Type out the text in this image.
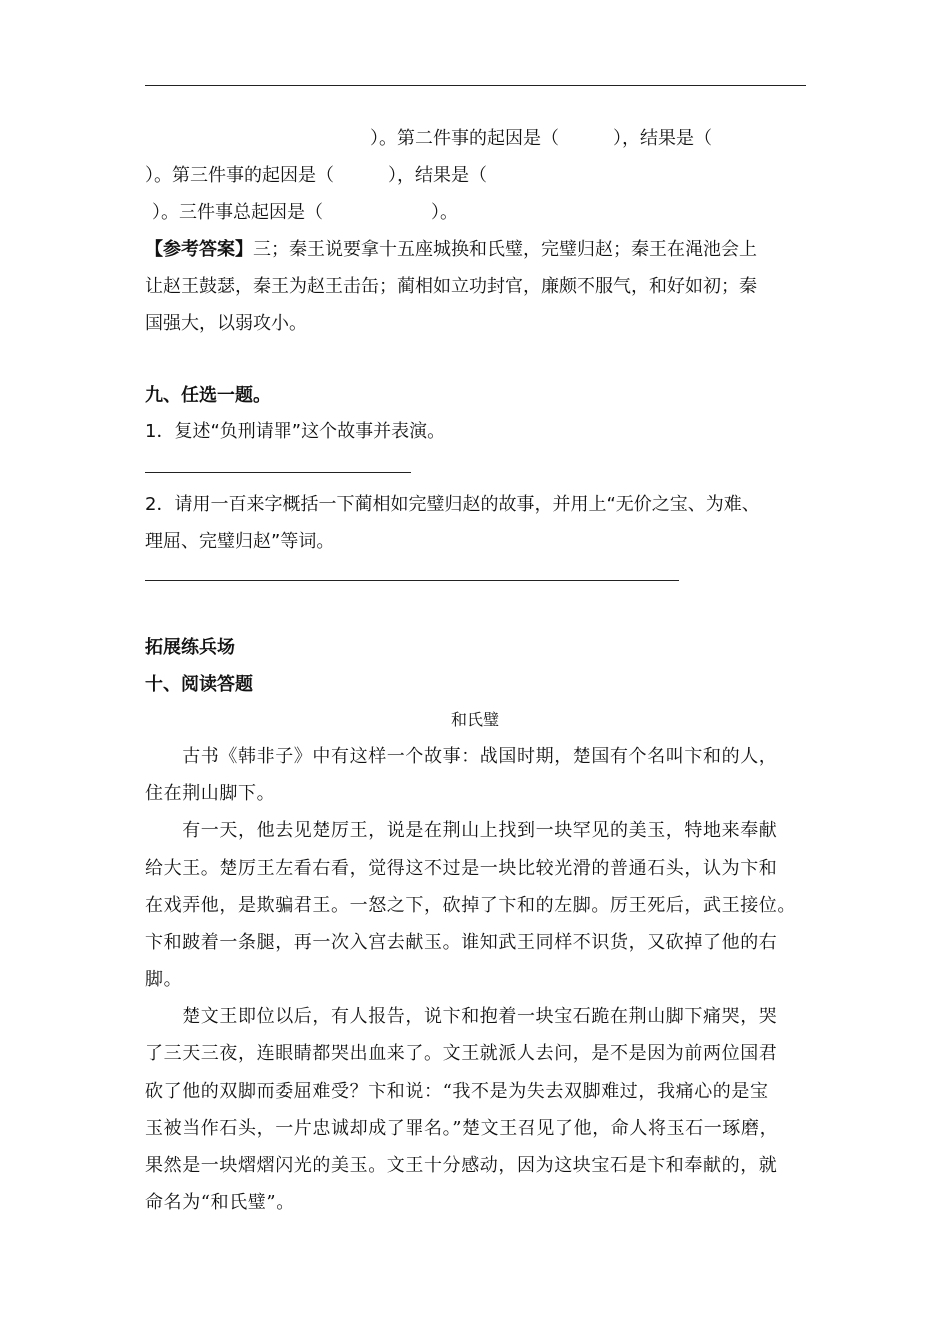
）。第二件事的起因是（　　　），结果是（
）。第三件事的起因是（　　　），结果是（
）。三件事总起因是（　　　　　　）。
【参考答案】三；秦王说要拿十五座城换和氏璧，完璧归赵；秦王在渑池会上
让赵王鼓瑟，秦王为赵王击缶；蔺相如立功封官，廉颇不服气，和好如初；秦
国强大，以弱攻小。
九、任选一题。
1．复述“负刑请罪”这个故事并表演。
2．请用一百来字概括一下蔺相如完璧归赵的故事，并用上“无价之宝、为难、
理屈、完璧归赵”等词。
拓展练兵场
十、阅读答题
和氏璧
　　古书《韩非子》中有这样一个故事：战国时期，楚国有个名叫卞和的人，
住在荆山脚下。
　　有一天，他去见楚厉王，说是在荆山上找到一块罕见的美玉，特地来奉献
给大王。楚厉王左看右看，觉得这不过是一块比较光滑的普通石头，认为卞和
在戏弄他，是欺骗君王。一怒之下，砍掉了卞和的左脚。厉王死后，武王接位。
卞和跛着一条腿，再一次入宫去献玉。谁知武王同样不识货，又砍掉了他的右
脚。
　　楚文王即位以后，有人报告，说卞和抱着一块宝石跪在荆山脚下痛哭，哭
了三天三夜，连眼睛都哭出血来了。文王就派人去问，是不是因为前两位国君
砍了他的双脚而委屈难受？卞和说：“我不是为失去双脚难过，我痛心的是宝
玉被当作石头，一片忠诚却成了罪名。”楚文王召见了他，命人将玉石一琢磨，
果然是一块熠熠闪光的美玉。文王十分感动，因为这块宝石是卞和奉献的，就
命名为“和氏璧”。
